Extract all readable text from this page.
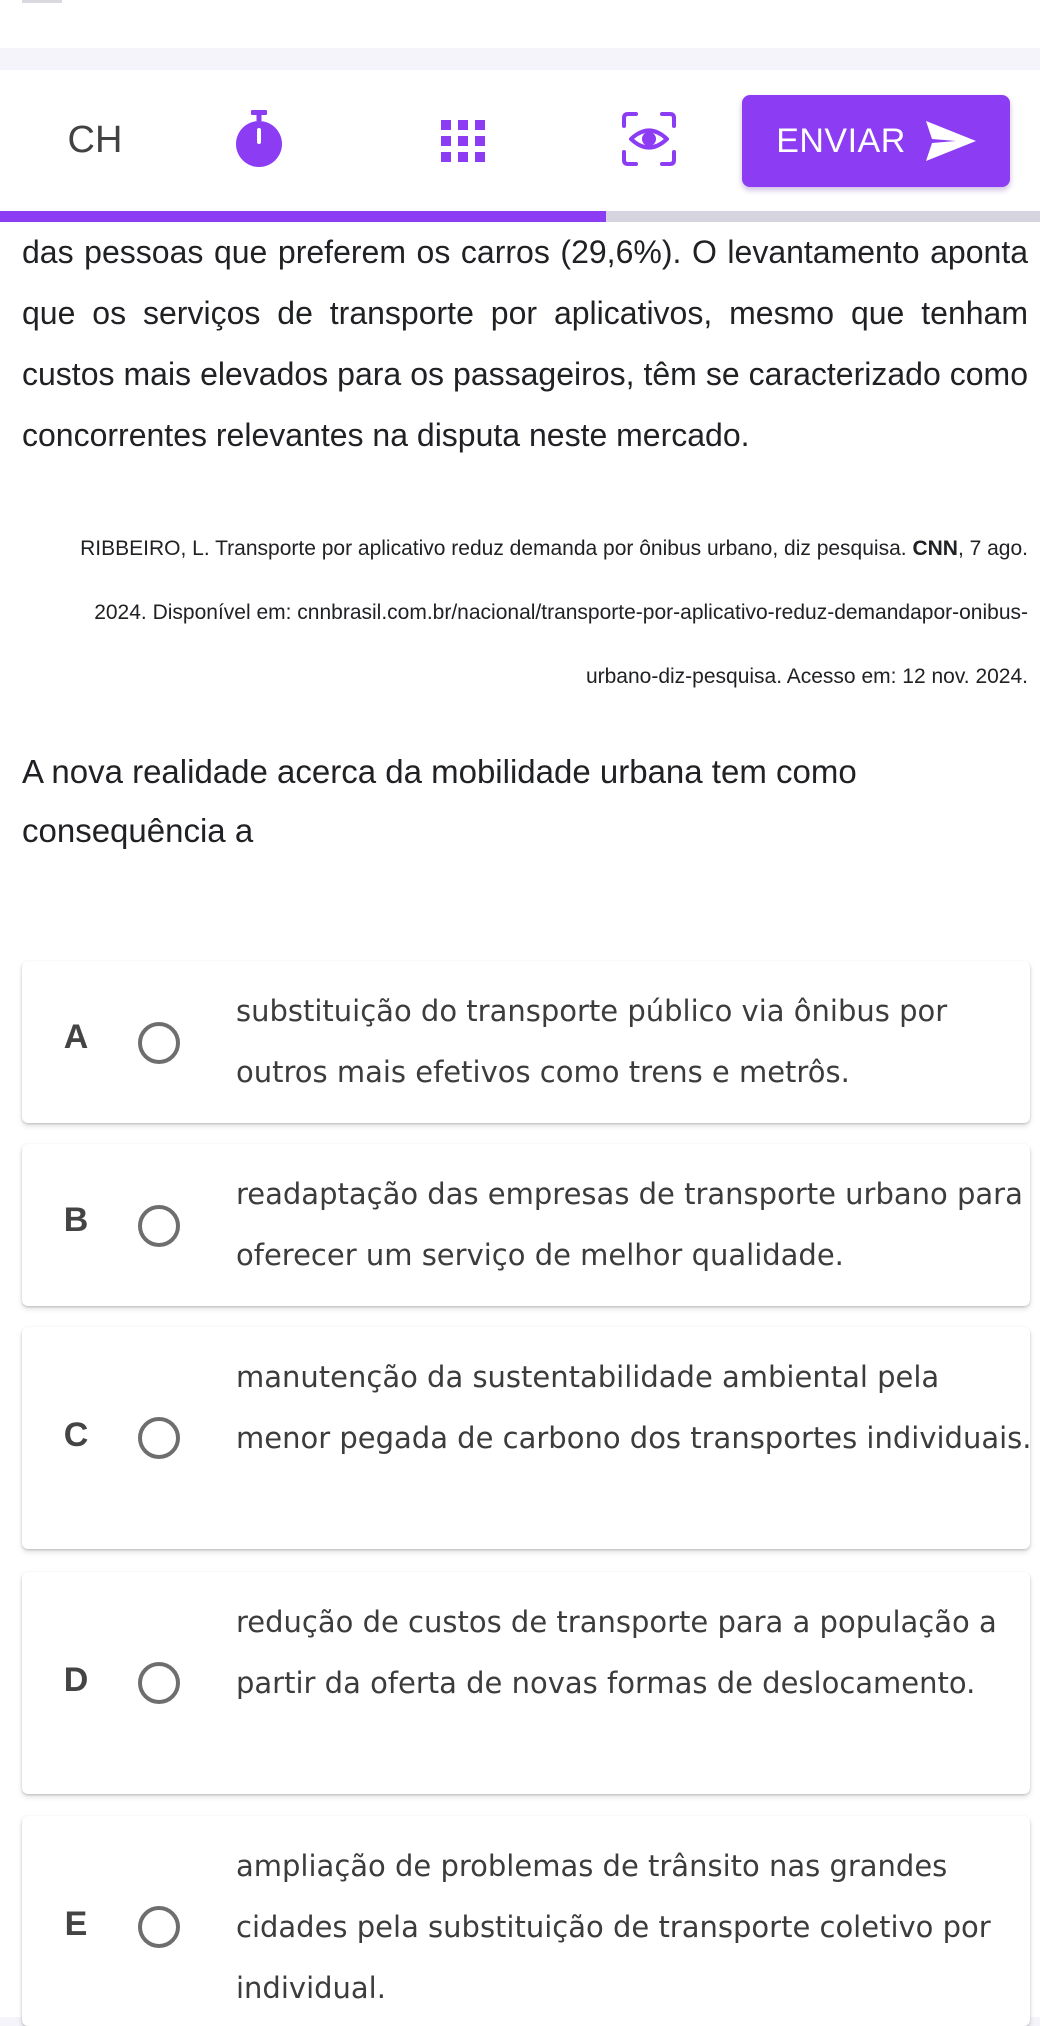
CH	ENVIAR

das pessoas que preferem os carros (29,6%). O levantamento aponta que os serviços de transporte por aplicativos, mesmo que tenham custos mais elevados para os passageiros, têm se caracterizado como concorrentes relevantes na disputa neste mercado.

RIBBEIRO, L. Transporte por aplicativo reduz demanda por ônibus urbano, diz pesquisa. CNN, 7 ago. 2024. Disponível em: cnnbrasil.com.br/nacional/transporte-por-aplicativo-reduz-demandapor-onibus-urbano-diz-pesquisa. Acesso em: 12 nov. 2024.

A nova realidade acerca da mobilidade urbana tem como consequência a

A
substituição do transporte público via ônibus por outros mais efetivos como trens e metrôs.
B
readaptação das empresas de transporte urbano para oferecer um serviço de melhor qualidade.
C
manutenção da sustentabilidade ambiental pela menor pegada de carbono dos transportes individuais.
D
redução de custos de transporte para a população a partir da oferta de novas formas de deslocamento.
E
ampliação de problemas de trânsito nas grandes cidades pela substituição de transporte coletivo por individual.
